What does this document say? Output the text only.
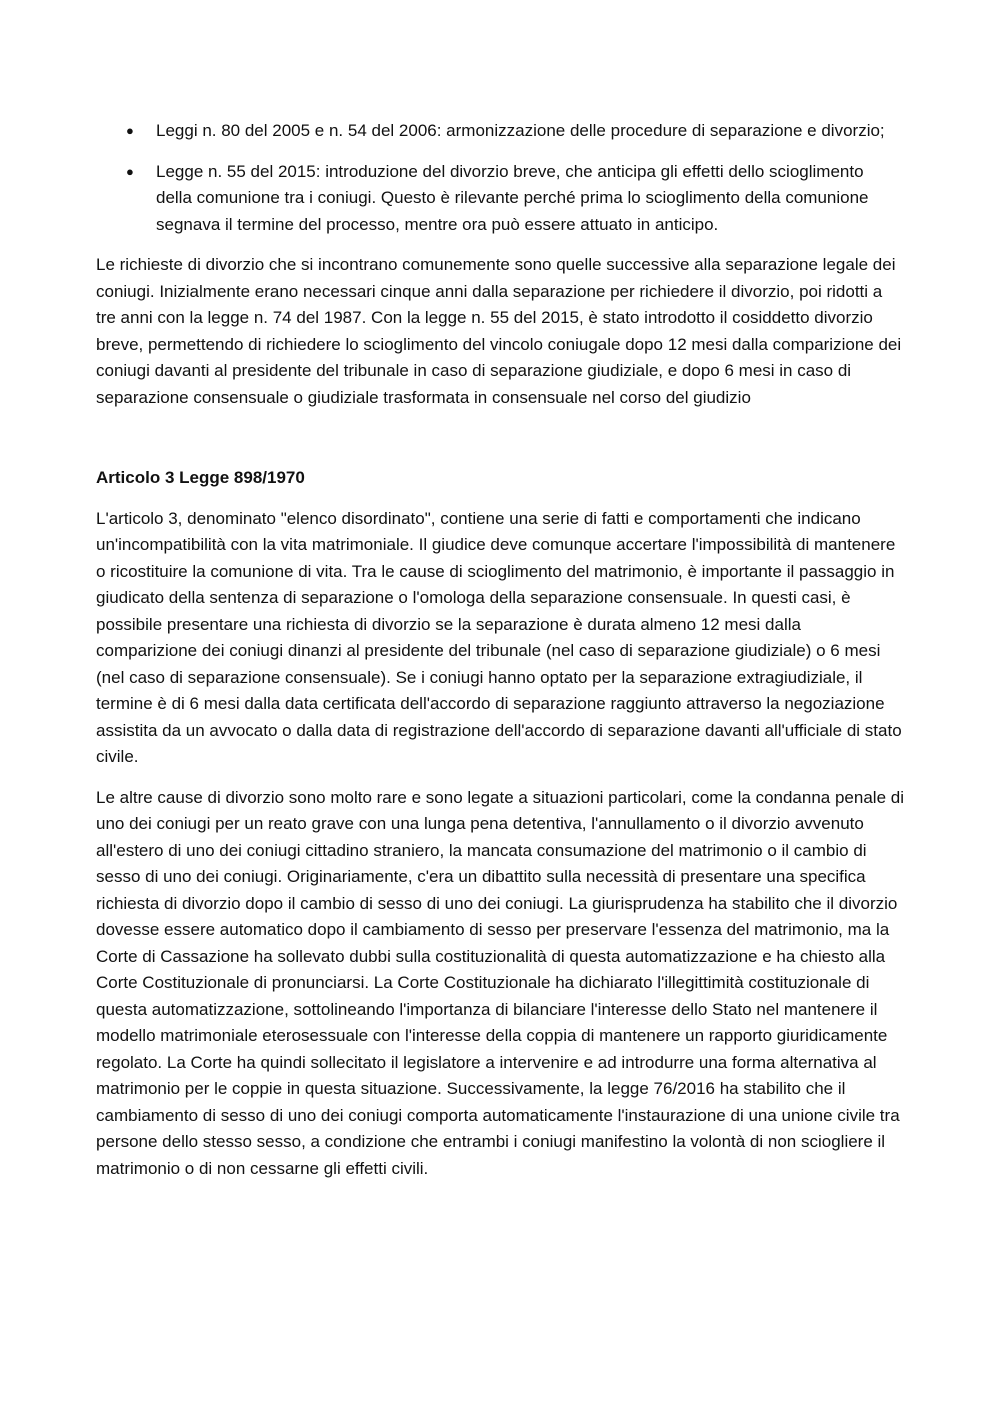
● Leggi n. 80 del 2005 e n. 54 del 2006: armonizzazione delle procedure di separazione e divorzio;
● Legge n. 55 del 2015: introduzione del divorzio breve, che anticipa gli effetti dello scioglimento della comunione tra i coniugi. Questo è rilevante perché prima lo scioglimento della comunione segnava il termine del processo, mentre ora può essere attuato in anticipo.

Le richieste di divorzio che si incontrano comunemente sono quelle successive alla separazione legale dei coniugi. Inizialmente erano necessari cinque anni dalla separazione per richiedere il divorzio, poi ridotti a tre anni con la legge n. 74 del 1987. Con la legge n. 55 del 2015, è stato introdotto il cosiddetto divorzio breve, permettendo di richiedere lo scioglimento del vincolo coniugale dopo 12 mesi dalla comparizione dei coniugi davanti al presidente del tribunale in caso di separazione giudiziale, e dopo 6 mesi in caso di separazione consensuale o giudiziale trasformata in consensuale nel corso del giudizio

Articolo 3 Legge 898/1970

L'articolo 3, denominato "elenco disordinato", contiene una serie di fatti e comportamenti che indicano un'incompatibilità con la vita matrimoniale. Il giudice deve comunque accertare l'impossibilità di mantenere o ricostituire la comunione di vita. Tra le cause di scioglimento del matrimonio, è importante il passaggio in giudicato della sentenza di separazione o l'omologa della separazione consensuale. In questi casi, è possibile presentare una richiesta di divorzio se la separazione è durata almeno 12 mesi dalla comparizione dei coniugi dinanzi al presidente del tribunale (nel caso di separazione giudiziale) o 6 mesi (nel caso di separazione consensuale). Se i coniugi hanno optato per la separazione extragiudiziale, il termine è di 6 mesi dalla data certificata dell'accordo di separazione raggiunto attraverso la negoziazione assistita da un avvocato o dalla data di registrazione dell'accordo di separazione davanti all'ufficiale di stato civile.

Le altre cause di divorzio sono molto rare e sono legate a situazioni particolari, come la condanna penale di uno dei coniugi per un reato grave con una lunga pena detentiva, l'annullamento o il divorzio avvenuto all'estero di uno dei coniugi cittadino straniero, la mancata consumazione del matrimonio o il cambio di sesso di uno dei coniugi. Originariamente, c'era un dibattito sulla necessità di presentare una specifica richiesta di divorzio dopo il cambio di sesso di uno dei coniugi. La giurisprudenza ha stabilito che il divorzio dovesse essere automatico dopo il cambiamento di sesso per preservare l'essenza del matrimonio, ma la Corte di Cassazione ha sollevato dubbi sulla costituzionalità di questa automatizzazione e ha chiesto alla Corte Costituzionale di pronunciarsi. La Corte Costituzionale ha dichiarato l'illegittimità costituzionale di questa automatizzazione, sottolineando l'importanza di bilanciare l'interesse dello Stato nel mantenere il modello matrimoniale eterosessuale con l'interesse della coppia di mantenere un rapporto giuridicamente regolato. La Corte ha quindi sollecitato il legislatore a intervenire e ad introdurre una forma alternativa al matrimonio per le coppie in questa situazione. Successivamente, la legge 76/2016 ha stabilito che il cambiamento di sesso di uno dei coniugi comporta automaticamente l'instaurazione di una unione civile tra persone dello stesso sesso, a condizione che entrambi i coniugi manifestino la volontà di non sciogliere il matrimonio o di non cessarne gli effetti civili.
